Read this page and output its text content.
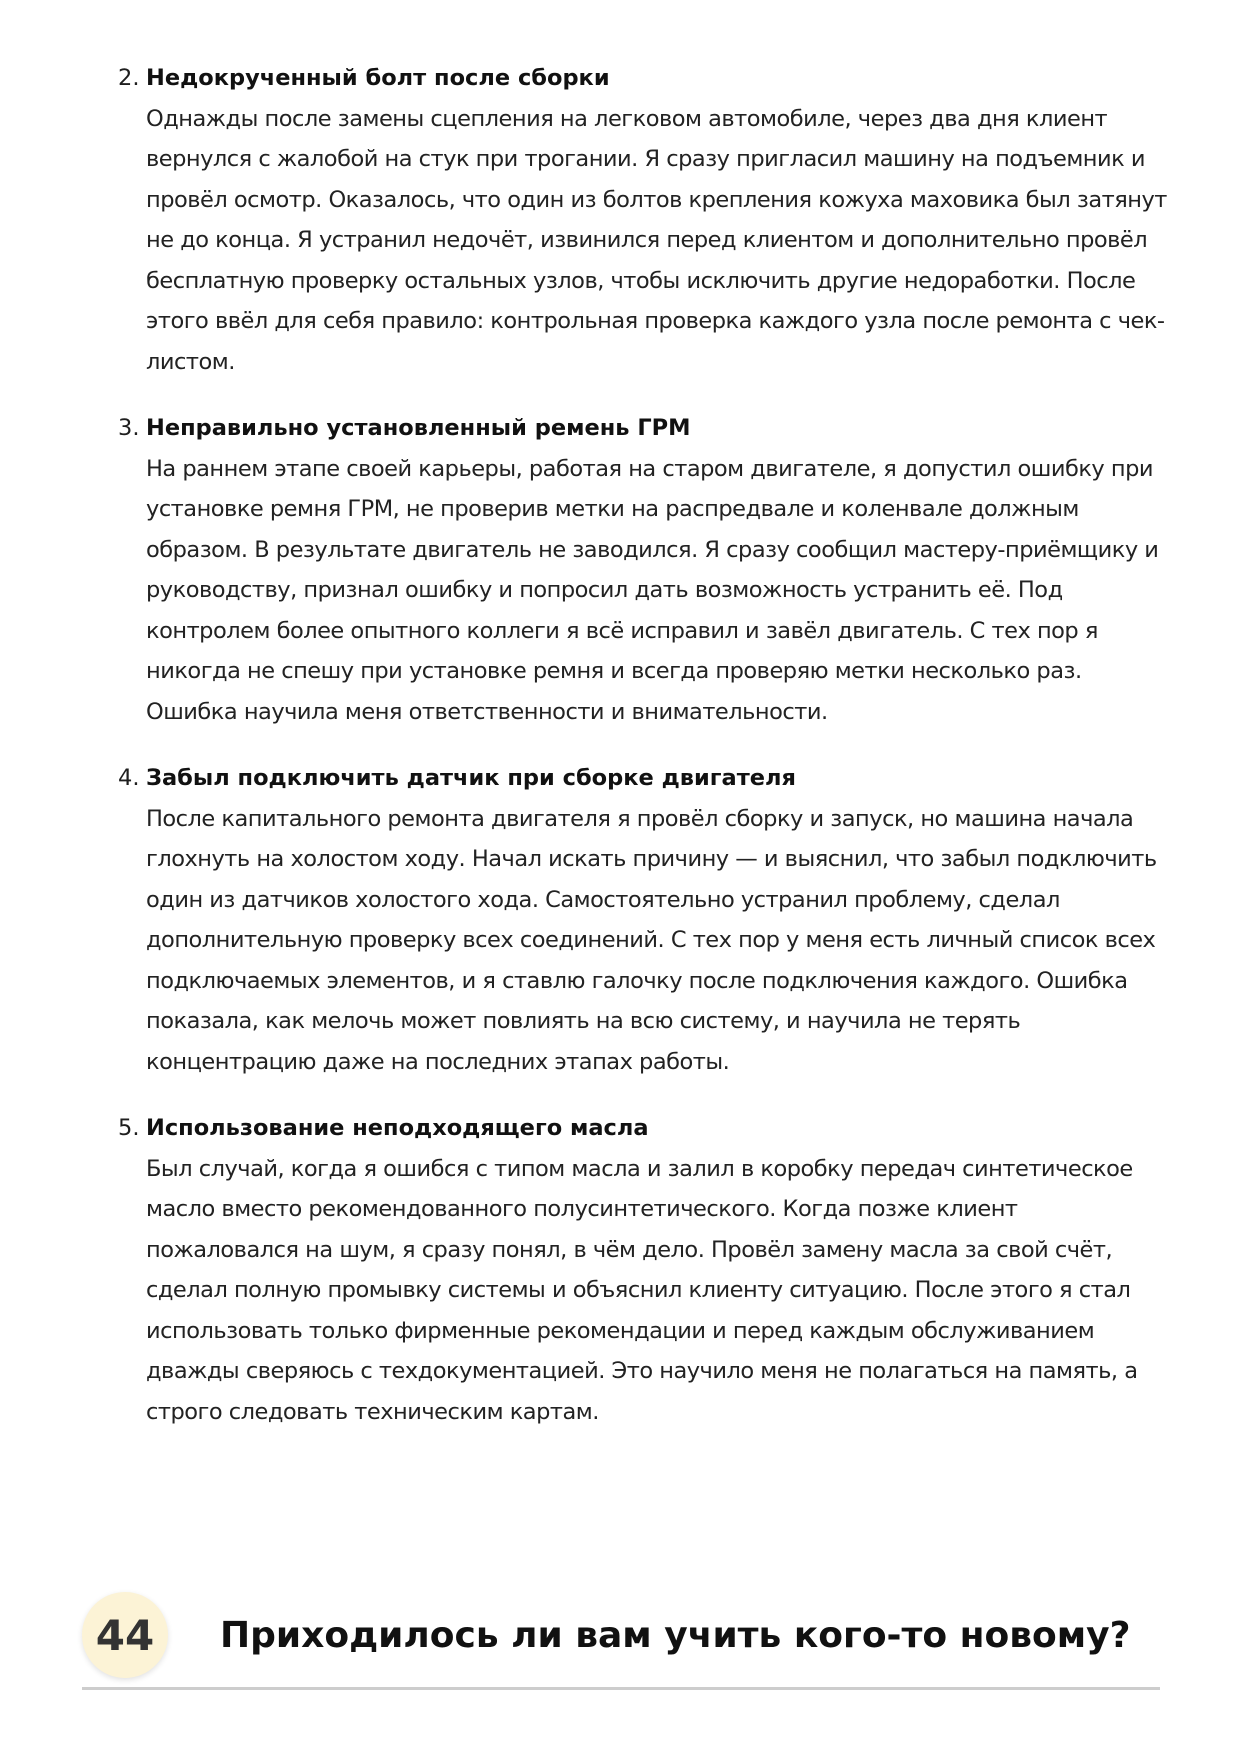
2. Недокрученный болт после сборки

Однажды после замены сцепления на легковом автомобиле, через два дня клиент вернулся с жалобой на стук при трогании. Я сразу пригласил машину на подъемник и провёл осмотр. Оказалось, что один из болтов крепления кожуха маховика был затянут не до конца. Я устранил недочёт, извинился перед клиентом и дополнительно провёл бесплатную проверку остальных узлов, чтобы исключить другие недоработки. После этого ввёл для себя правило: контрольная проверка каждого узла после ремонта с чек-листом.

3. Неправильно установленный ремень ГРМ

На раннем этапе своей карьеры, работая на старом двигателе, я допустил ошибку при установке ремня ГРМ, не проверив метки на распредвале и коленвале должным образом. В результате двигатель не заводился. Я сразу сообщил мастеру-приёмщику и руководству, признал ошибку и попросил дать возможность устранить её. Под контролем более опытного коллеги я всё исправил и завёл двигатель. С тех пор я никогда не спешу при установке ремня и всегда проверяю метки несколько раз. Ошибка научила меня ответственности и внимательности.

4. Забыл подключить датчик при сборке двигателя

После капитального ремонта двигателя я провёл сборку и запуск, но машина начала глохнуть на холостом ходу. Начал искать причину — и выяснил, что забыл подключить один из датчиков холостого хода. Самостоятельно устранил проблему, сделал дополнительную проверку всех соединений. С тех пор у меня есть личный список всех подключаемых элементов, и я ставлю галочку после подключения каждого. Ошибка показала, как мелочь может повлиять на всю систему, и научила не терять концентрацию даже на последних этапах работы.

5. Использование неподходящего масла

Был случай, когда я ошибся с типом масла и залил в коробку передач синтетическое масло вместо рекомендованного полусинтетического. Когда позже клиент пожаловался на шум, я сразу понял, в чём дело. Провёл замену масла за свой счёт, сделал полную промывку системы и объяснил клиенту ситуацию. После этого я стал использовать только фирменные рекомендации и перед каждым обслуживанием дважды сверяюсь с техдокументацией. Это научило меня не полагаться на память, а строго следовать техническим картам.

44	Приходилось ли вам учить кого-то новому?
